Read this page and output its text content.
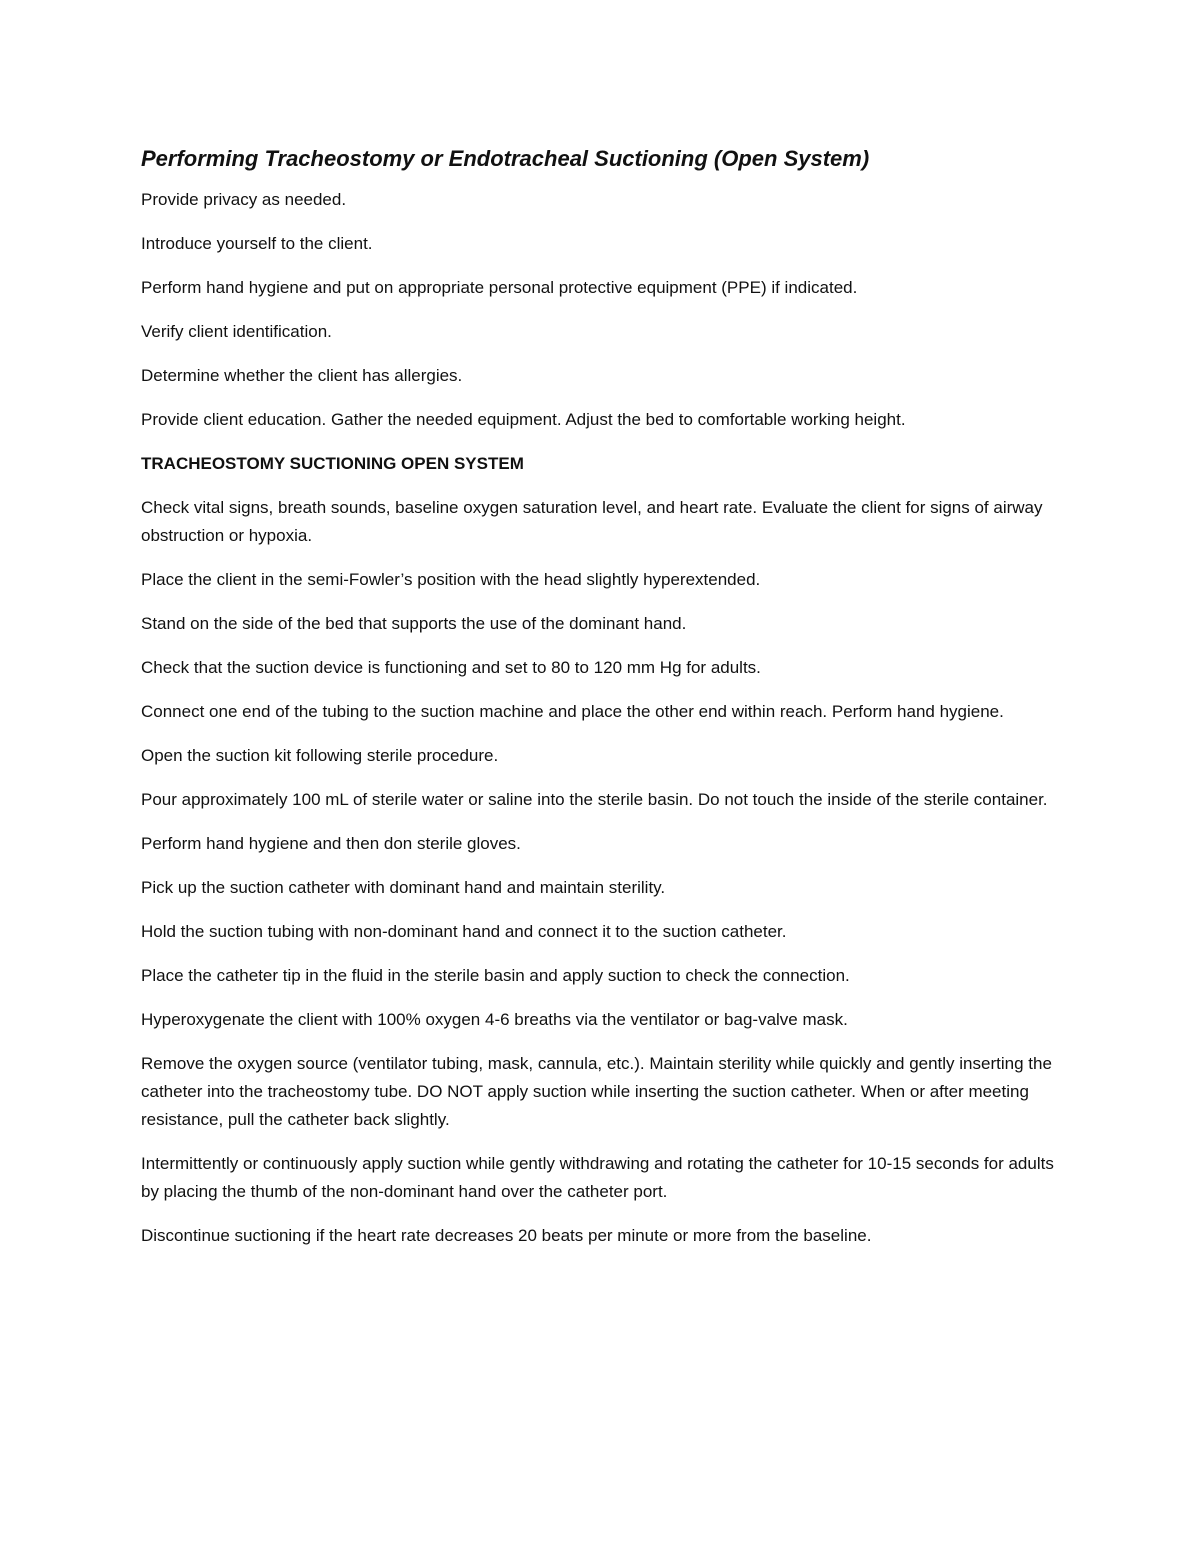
Performing Tracheostomy or Endotracheal Suctioning (Open System)

Provide privacy as needed.

Introduce yourself to the client.

Perform hand hygiene and put on appropriate personal protective equipment (PPE) if indicated.

Verify client identification.

Determine whether the client has allergies.

Provide client education. Gather the needed equipment. Adjust the bed to comfortable working height.

TRACHEOSTOMY SUCTIONING OPEN SYSTEM

Check vital signs, breath sounds, baseline oxygen saturation level, and heart rate. Evaluate the client for signs of airway obstruction or hypoxia.

Place the client in the semi-Fowler’s position with the head slightly hyperextended.

Stand on the side of the bed that supports the use of the dominant hand.

Check that the suction device is functioning and set to 80 to 120 mm Hg for adults.

Connect one end of the tubing to the suction machine and place the other end within reach. Perform hand hygiene.

Open the suction kit following sterile procedure.

Pour approximately 100 mL of sterile water or saline into the sterile basin. Do not touch the inside of the sterile container.

Perform hand hygiene and then don sterile gloves.

Pick up the suction catheter with dominant hand and maintain sterility.

Hold the suction tubing with non-dominant hand and connect it to the suction catheter.

Place the catheter tip in the fluid in the sterile basin and apply suction to check the connection.

Hyperoxygenate the client with 100% oxygen 4-6 breaths via the ventilator or bag-valve mask.

Remove the oxygen source (ventilator tubing, mask, cannula, etc.). Maintain sterility while quickly and gently inserting the catheter into the tracheostomy tube. DO NOT apply suction while inserting the suction catheter. When or after meeting resistance, pull the catheter back slightly.

Intermittently or continuously apply suction while gently withdrawing and rotating the catheter for 10-15 seconds for adults by placing the thumb of the non-dominant hand over the catheter port.

Discontinue suctioning if the heart rate decreases 20 beats per minute or more from the baseline.
